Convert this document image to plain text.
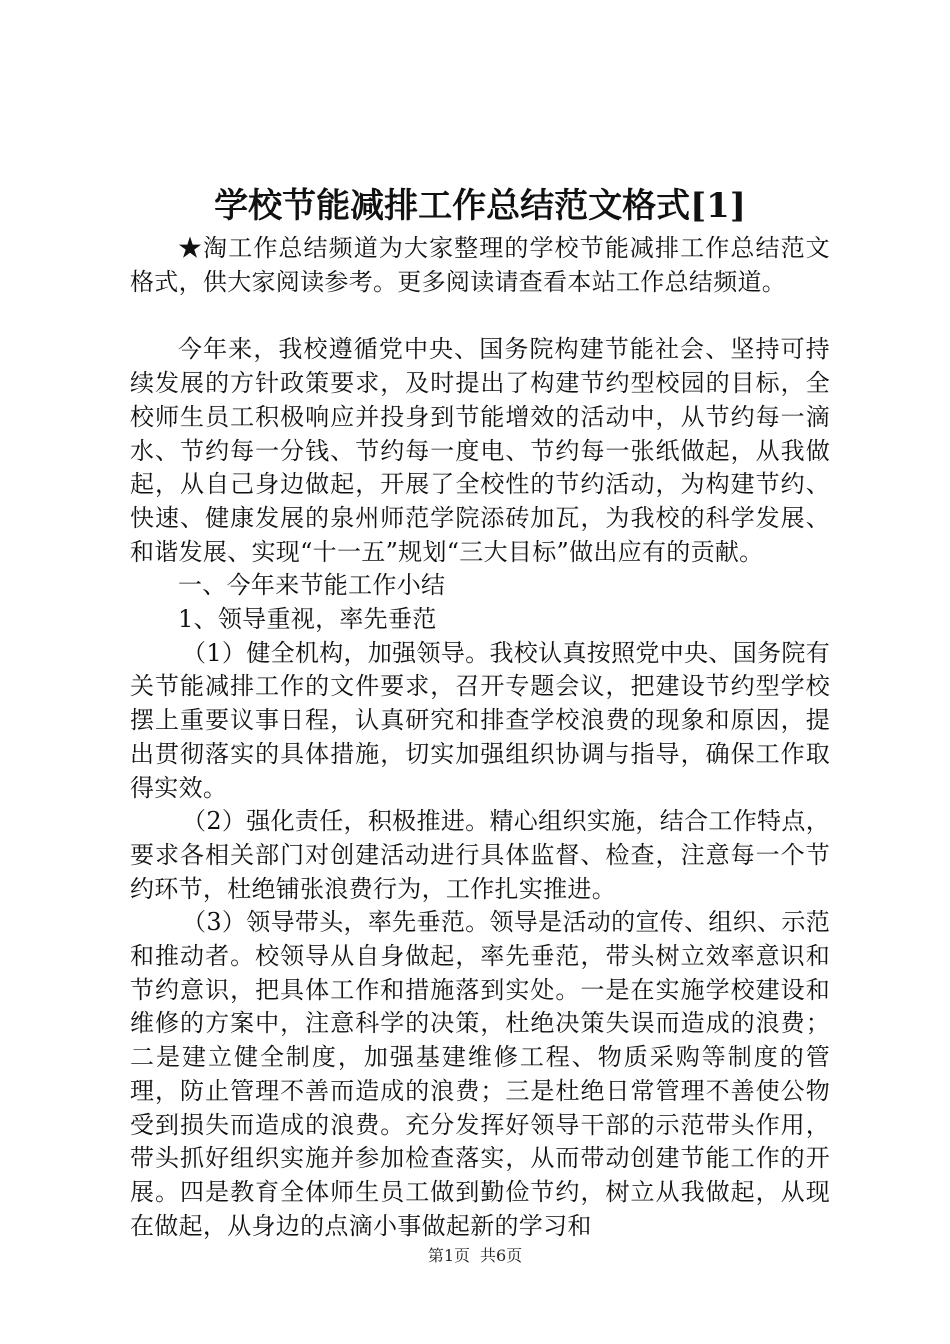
学校节能减排工作总结范文格式[1]

★淘工作总结频道为大家整理的学校节能减排工作总结范文格式，供大家阅读参考。更多阅读请查看本站工作总结频道。

今年来，我校遵循党中央、国务院构建节能社会、坚持可持续发展的方针政策要求，及时提出了构建节约型校园的目标，全校师生员工积极响应并投身到节能增效的活动中，从节约每一滴水、节约每一分钱、节约每一度电、节约每一张纸做起，从我做起，从自己身边做起，开展了全校性的节约活动，为构建节约、快速、健康发展的泉州师范学院添砖加瓦，为我校的科学发展、和谐发展、实现“十一五”规划“三大目标”做出应有的贡献。

一、今年来节能工作小结

1、领导重视，率先垂范

（1）健全机构，加强领导。我校认真按照党中央、国务院有关节能减排工作的文件要求，召开专题会议，把建设节约型学校摆上重要议事日程，认真研究和排查学校浪费的现象和原因，提出贯彻落实的具体措施，切实加强组织协调与指导，确保工作取得实效。

（2）强化责任，积极推进。精心组织实施，结合工作特点，要求各相关部门对创建活动进行具体监督、检查，注意每一个节约环节，杜绝铺张浪费行为，工作扎实推进。

（3）领导带头，率先垂范。领导是活动的宣传、组织、示范和推动者。校领导从自身做起，率先垂范，带头树立效率意识和节约意识，把具体工作和措施落到实处。一是在实施学校建设和维修的方案中，注意科学的决策，杜绝决策失误而造成的浪费；二是建立健全制度，加强基建维修工程、物质采购等制度的管理，防止管理不善而造成的浪费；三是杜绝日常管理不善使公物受到损失而造成的浪费。充分发挥好领导干部的示范带头作用，带头抓好组织实施并参加检查落实，从而带动创建节能工作的开展。四是教育全体师生员工做到勤俭节约，树立从我做起，从现在做起，从身边的点滴小事做起新的学习和

第1页 共6页
